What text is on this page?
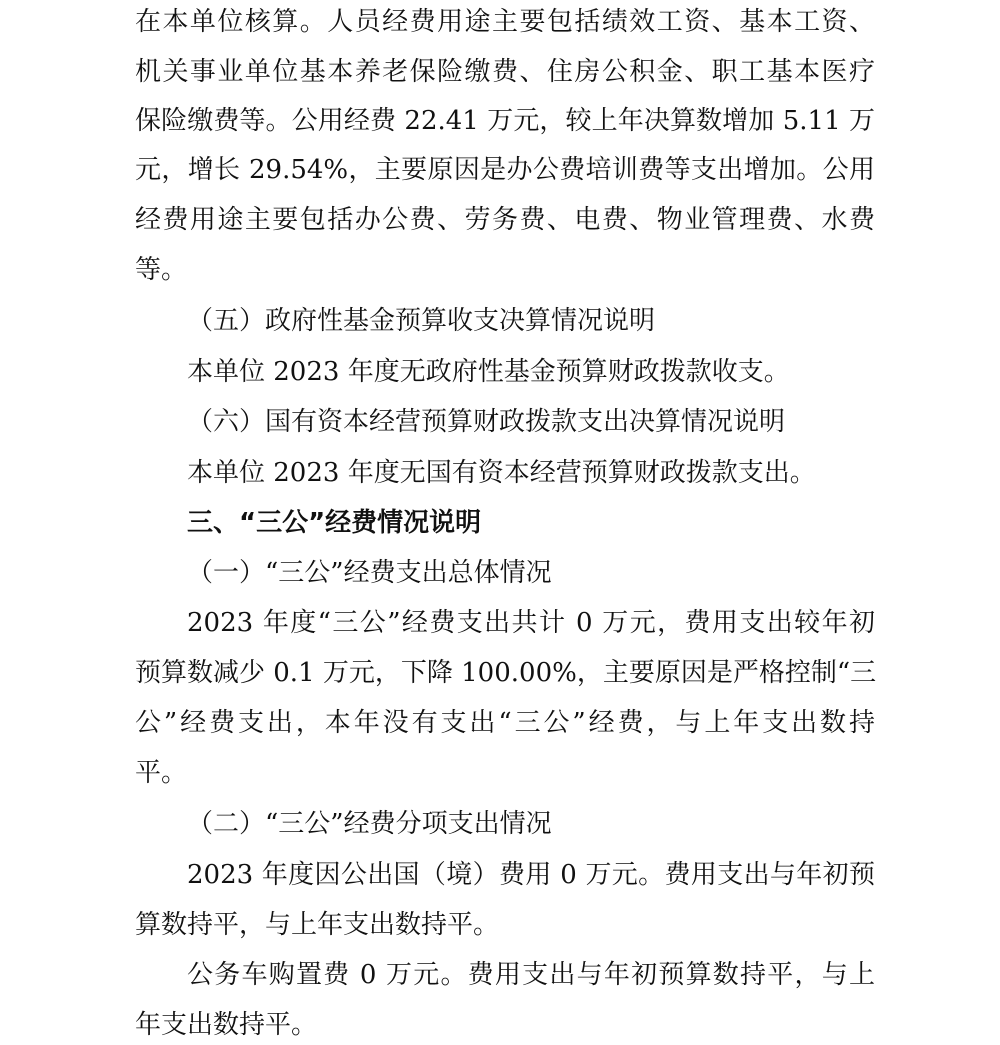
在本单位核算。人员经费用途主要包括绩效工资、基本工资、
机关事业单位基本养老保险缴费、住房公积金、职工基本医疗
保险缴费等。公用经费 22.41 万元，较上年决算数增加 5.11 万
元，增长 29.54%，主要原因是办公费培训费等支出增加。公用
经费用途主要包括办公费、劳务费、电费、物业管理费、水费
等。
（五）政府性基金预算收支决算情况说明
本单位 2023 年度无政府性基金预算财政拨款收支。
（六）国有资本经营预算财政拨款支出决算情况说明
本单位 2023 年度无国有资本经营预算财政拨款支出。
三、“三公”经费情况说明
（一）“三公”经费支出总体情况
2023 年度“三公”经费支出共计 0 万元，费用支出较年初
预算数减少 0.1 万元，下降 100.00%，主要原因是严格控制“三
公”经费支出，本年没有支出“三公”经费，与上年支出数持
平。
（二）“三公”经费分项支出情况
2023 年度因公出国（境）费用 0 万元。费用支出与年初预
算数持平，与上年支出数持平。
公务车购置费 0 万元。费用支出与年初预算数持平，与上
年支出数持平。
